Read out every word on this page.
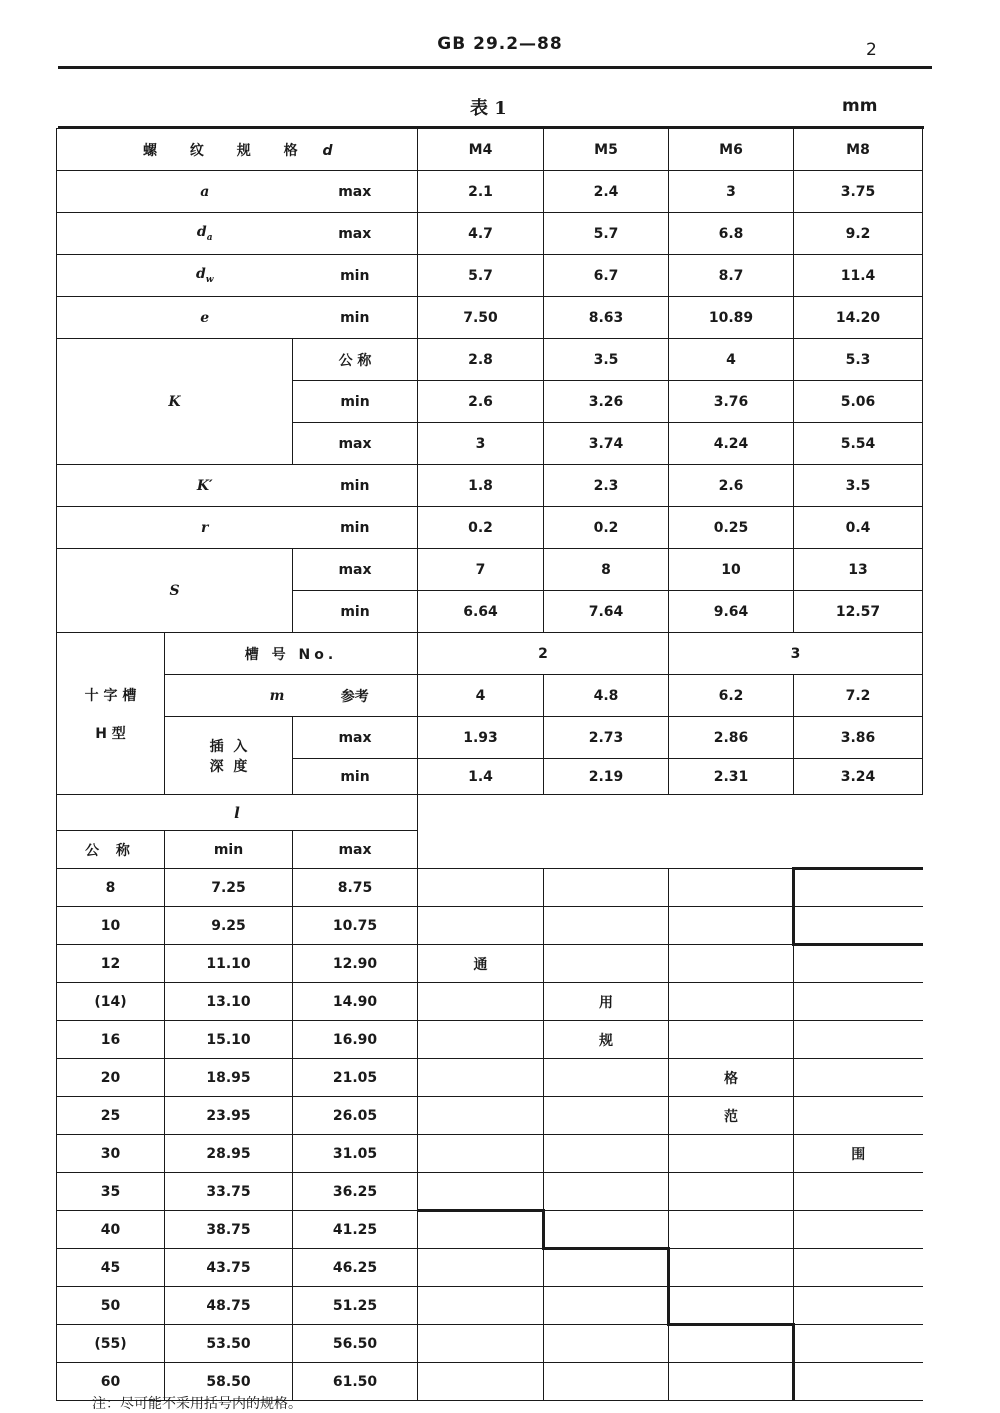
GB 29.2—88	2
表 1	mm
螺 纹 规 格 d			M4	M5	M6	M8
a		max	2.1	2.4	3	3.75
$d_a$		max	4.7	5.7	6.8	9.2
$d_w$		min	5.7	6.7	8.7	11.4
e		min	7.50	8.63	10.89	14.20
K		公 称	2.8	3.5	4	5.3
		min	2.6	3.26	3.76	5.06
		max	3	3.74	4.24	5.54
K′		min	1.8	2.3	2.6	3.5
r		min	0.2	0.2	0.25	0.4
S		max	7	8	10	13
		min	6.64	7.64	9.64	12.57

十 字 槽
H 型	槽 号 No.		2		3	
	m	参考	4	4.8	6.2	7.2

	插  入
深  度	max	1.93	2.73	2.86	3.86
		min	1.4	2.19	2.31	3.24
l						
公 称	min	max				
8	7.25	8.75				
10	9.25	10.75				
12	11.10	12.90	通			
(14)	13.10	14.90		用		
16	15.10	16.90		规		
20	18.95	21.05			格	
25	23.95	26.05			范	
30	28.95	31.05				围
35	33.75	36.25				
40	38.75	41.25				
45	43.75	46.25				
50	48.75	51.25				
(55)	53.50	56.50				
60	58.50	61.50				
注：尽可能不采用括号内的规格。
